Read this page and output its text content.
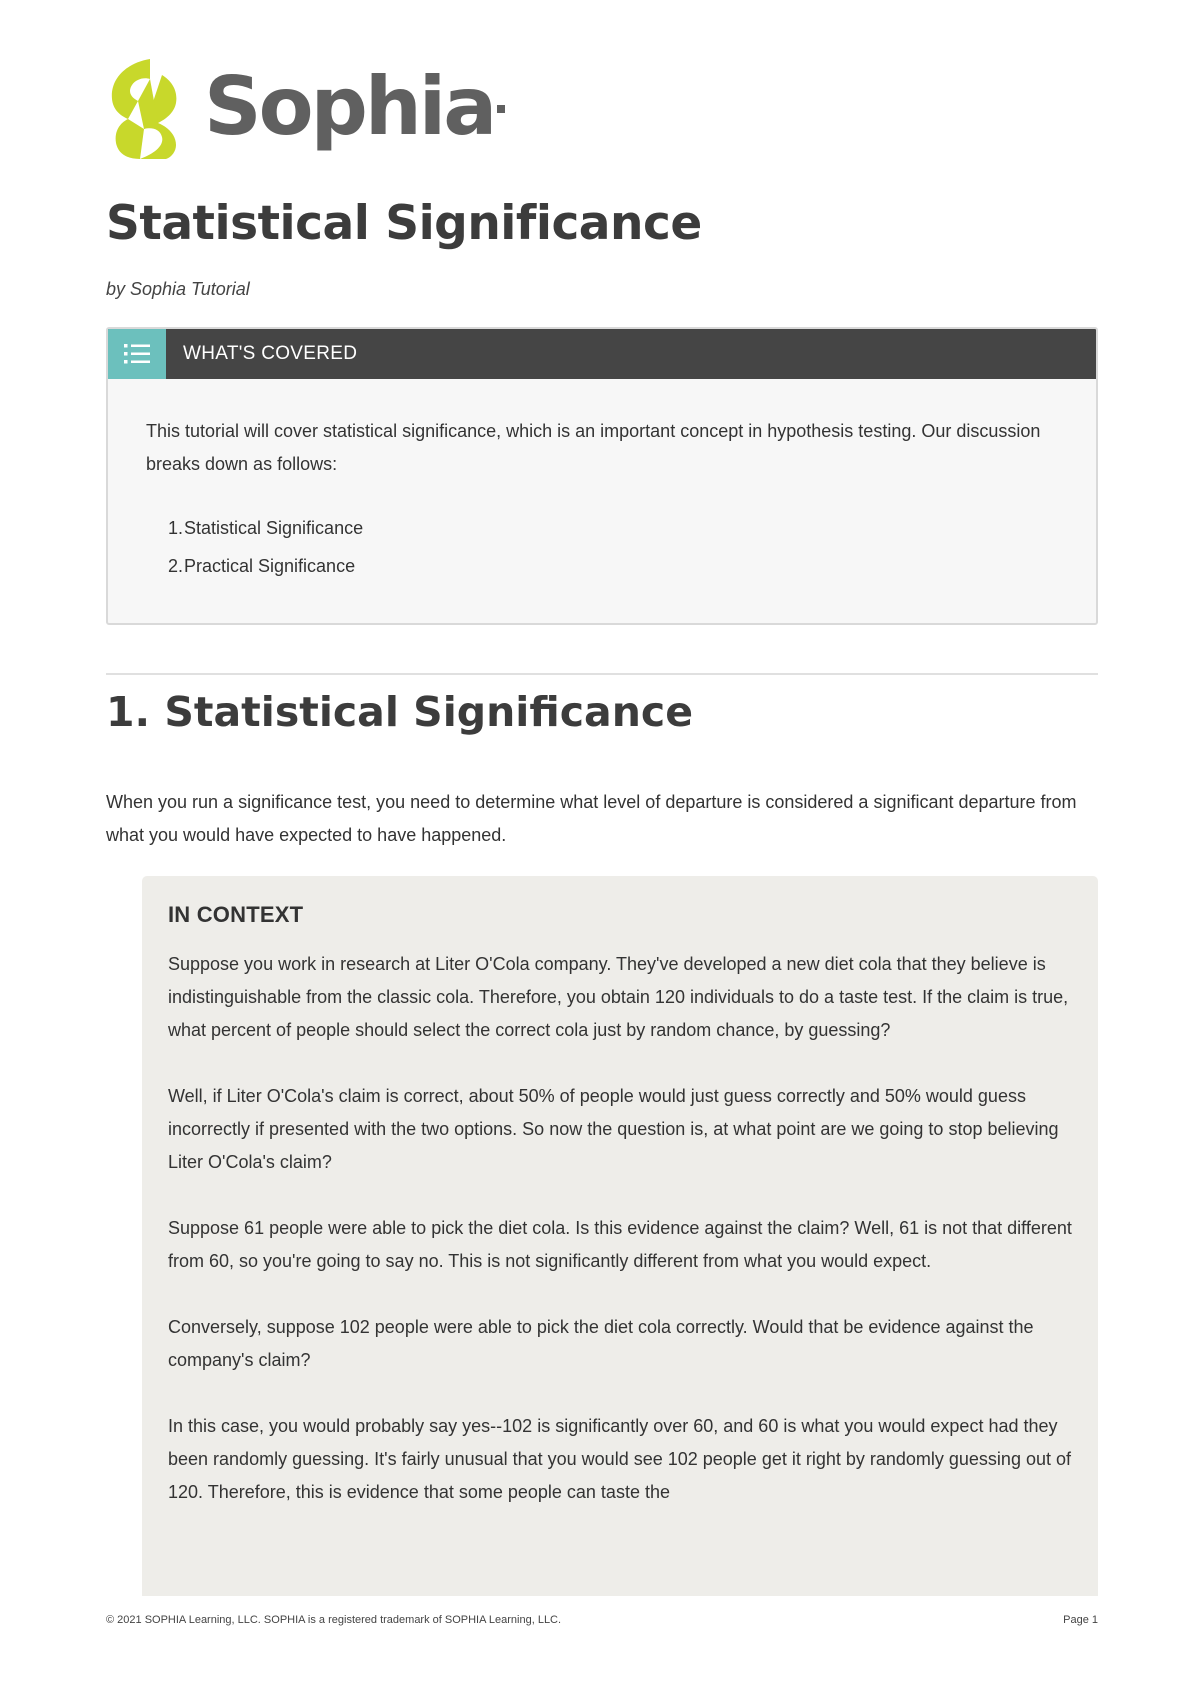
Sophia
Statistical Significance
by Sophia Tutorial
WHAT'S COVERED
This tutorial will cover statistical significance, which is an important concept in hypothesis testing. Our discussion breaks down as follows:
1. Statistical Significance
2. Practical Significance
1. Statistical Significance

When you run a significance test, you need to determine what level of departure is considered a significant departure from what you would have expected to have happened.

IN CONTEXT

Suppose you work in research at Liter O'Cola company. They've developed a new diet cola that they believe is indistinguishable from the classic cola. Therefore, you obtain 120 individuals to do a taste test. If the claim is true, what percent of people should select the correct cola just by random chance, by guessing?

Well, if Liter O'Cola's claim is correct, about 50% of people would just guess correctly and 50% would guess incorrectly if presented with the two options. So now the question is, at what point are we going to stop believing Liter O'Cola's claim?

Suppose 61 people were able to pick the diet cola. Is this evidence against the claim? Well, 61 is not that different from 60, so you're going to say no. This is not significantly different from what you would expect.

Conversely, suppose 102 people were able to pick the diet cola correctly. Would that be evidence against the company's claim?

In this case, you would probably say yes--102 is significantly over 60, and 60 is what you would expect had they been randomly guessing. It's fairly unusual that you would see 102 people get it right by randomly guessing out of 120. Therefore, this is evidence that some people can taste the

© 2021 SOPHIA Learning, LLC. SOPHIA is a registered trademark of SOPHIA Learning, LLC.	Page 1
